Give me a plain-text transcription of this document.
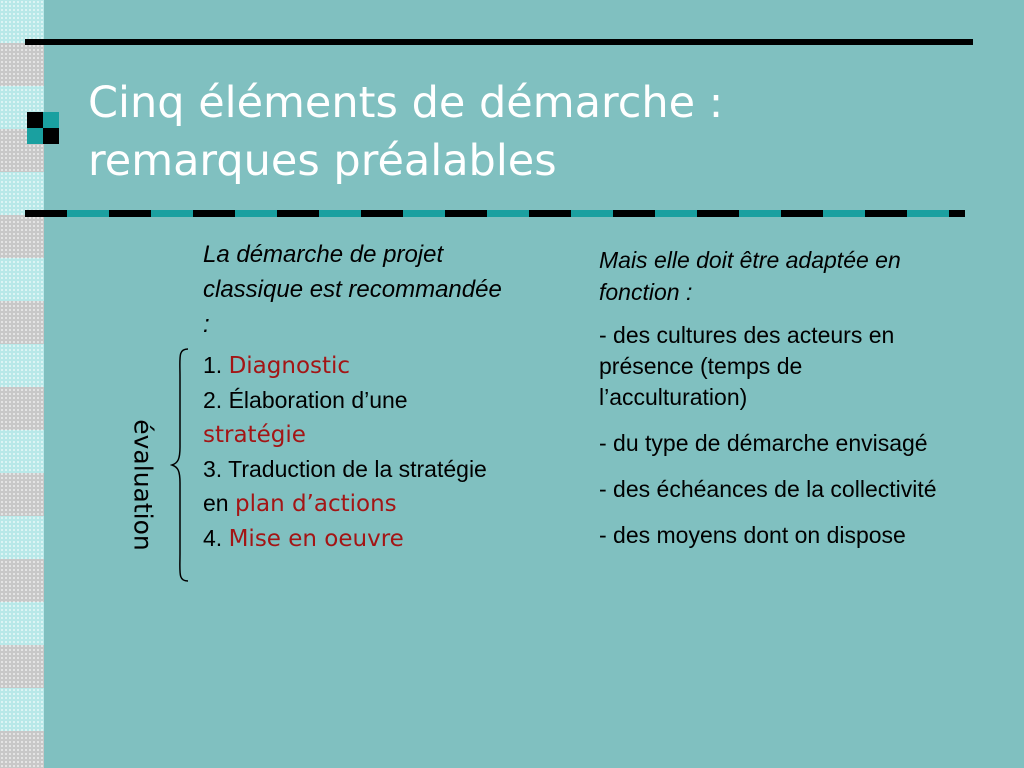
Cinq éléments de démarche :
remarques préalables
évaluation

La démarche de projet classique est recommandée :

1. Diagnostic
2. Élaboration d’une stratégie
3. Traduction de la stratégie en plan d’actions
4. Mise en oeuvre

Mais elle doit être adaptée en fonction :

- des cultures des acteurs en présence (temps de l’acculturation)

- du type de démarche envisagé

- des échéances de la collectivité

- des moyens dont on dispose
